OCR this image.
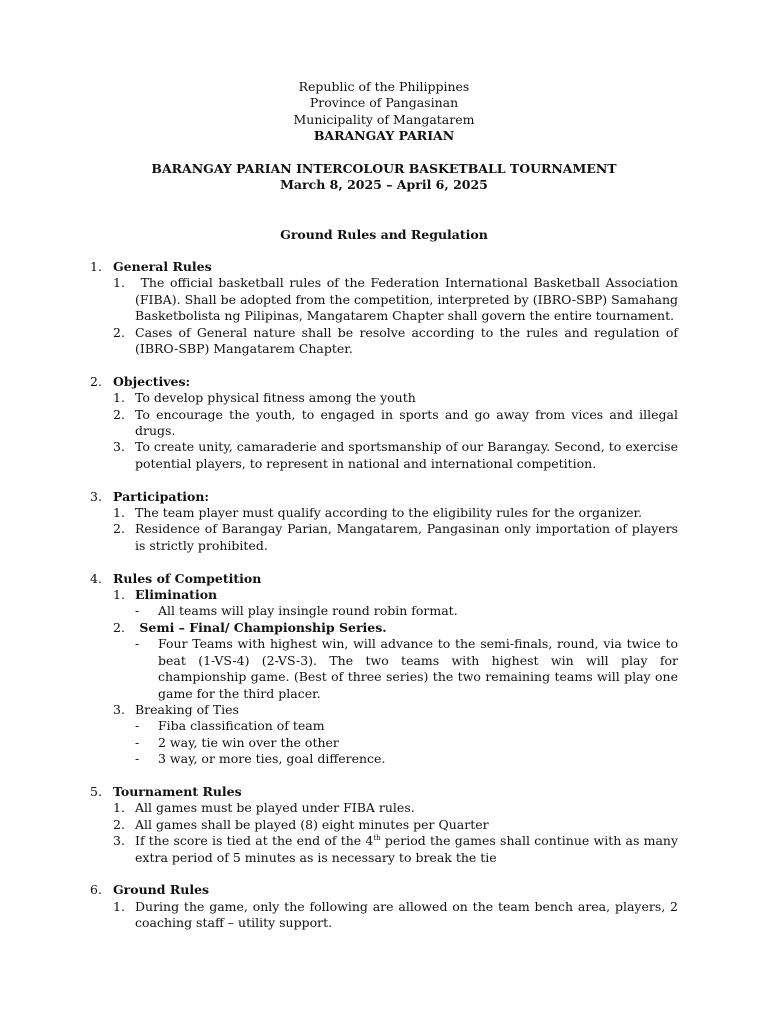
Republic of the Philippines
Province of Pangasinan
Municipality of Mangatarem
BARANGAY PARIAN
BARANGAY PARIAN INTERCOLOUR BASKETBALL TOURNAMENT
March 8, 2025 – April 6, 2025
Ground Rules and Regulation
1. General Rules
1. The official basketball rules of the Federation International Basketball Association (FIBA). Shall be adopted from the competition, interpreted by (IBRO-SBP) Samahang Basketbolista ng Pilipinas, Mangatarem Chapter shall govern the entire tournament.
2. Cases of General nature shall be resolve according to the rules and regulation of (IBRO-SBP) Mangatarem Chapter.
2. Objectives:
1. To develop physical fitness among the youth
2. To encourage the youth, to engaged in sports and go away from vices and illegal drugs.
3. To create unity, camaraderie and sportsmanship of our Barangay. Second, to exercise potential players, to represent in national and international competition.
3. Participation:
1. The team player must qualify according to the eligibility rules for the organizer.
2. Residence of Barangay Parian, Mangatarem, Pangasinan only importation of players is strictly prohibited.
4. Rules of Competition
1. Elimination
-	All teams will play insingle round robin format.
2. Semi – Final/ Championship Series.
-	Four Teams with highest win, will advance to the semi-finals, round, via twice to beat (1-VS-4) (2-VS-3). The two teams with highest win will play for championship game. (Best of three series) the two remaining teams will play one game for the third placer.
3. Breaking of Ties
-	Fiba classification of team
-	2 way, tie win over the other
-	3 way, or more ties, goal difference.
5. Tournament Rules
1. All games must be played under FIBA rules.
2. All games shall be played (8) eight minutes per Quarter
3. If the score is tied at the end of the 4th period the games shall continue with as many extra period of 5 minutes as is necessary to break the tie
6. Ground Rules
1. During the game, only the following are allowed on the team bench area, players, 2 coaching staff – utility support.
